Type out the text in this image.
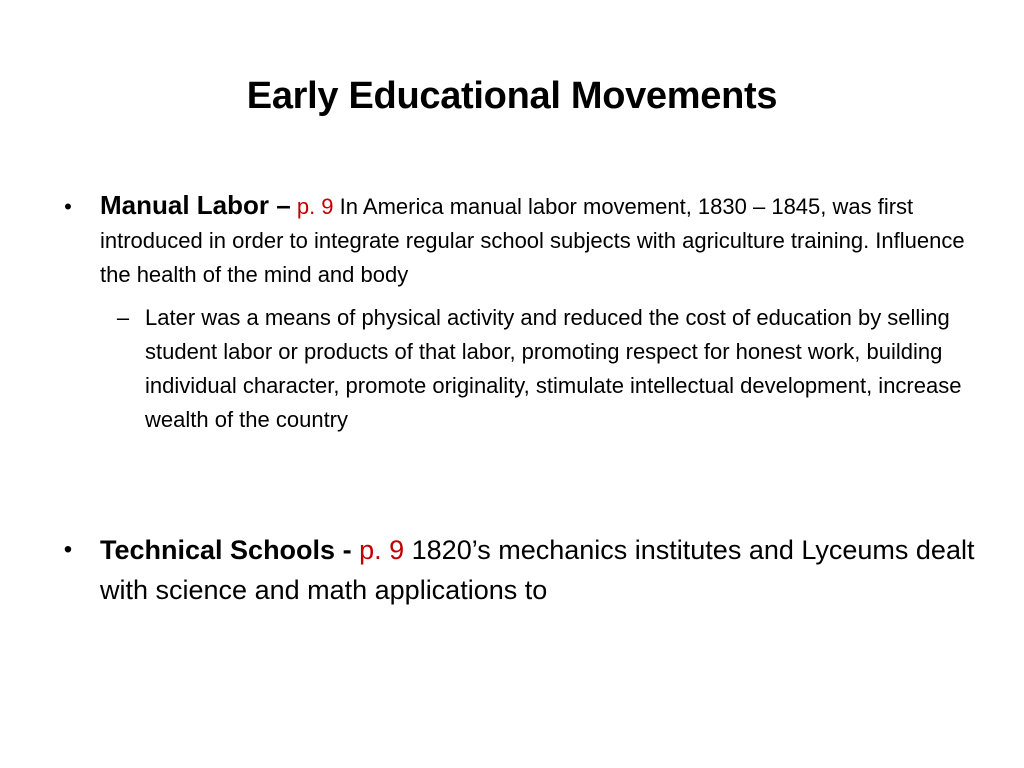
Early Educational Movements
• Manual Labor – p. 9 In America manual labor movement, 1830 – 1845, was first introduced in order to integrate regular school subjects with agriculture training. Influence the health of the mind and body
– Later was a means of physical activity and reduced the cost of education by selling student labor or products of that labor, promoting respect for honest work, building individual character, promote originality, stimulate intellectual development, increase wealth of the country
• Technical Schools - p. 9 1820’s mechanics institutes and Lyceums dealt with science and math applications to
